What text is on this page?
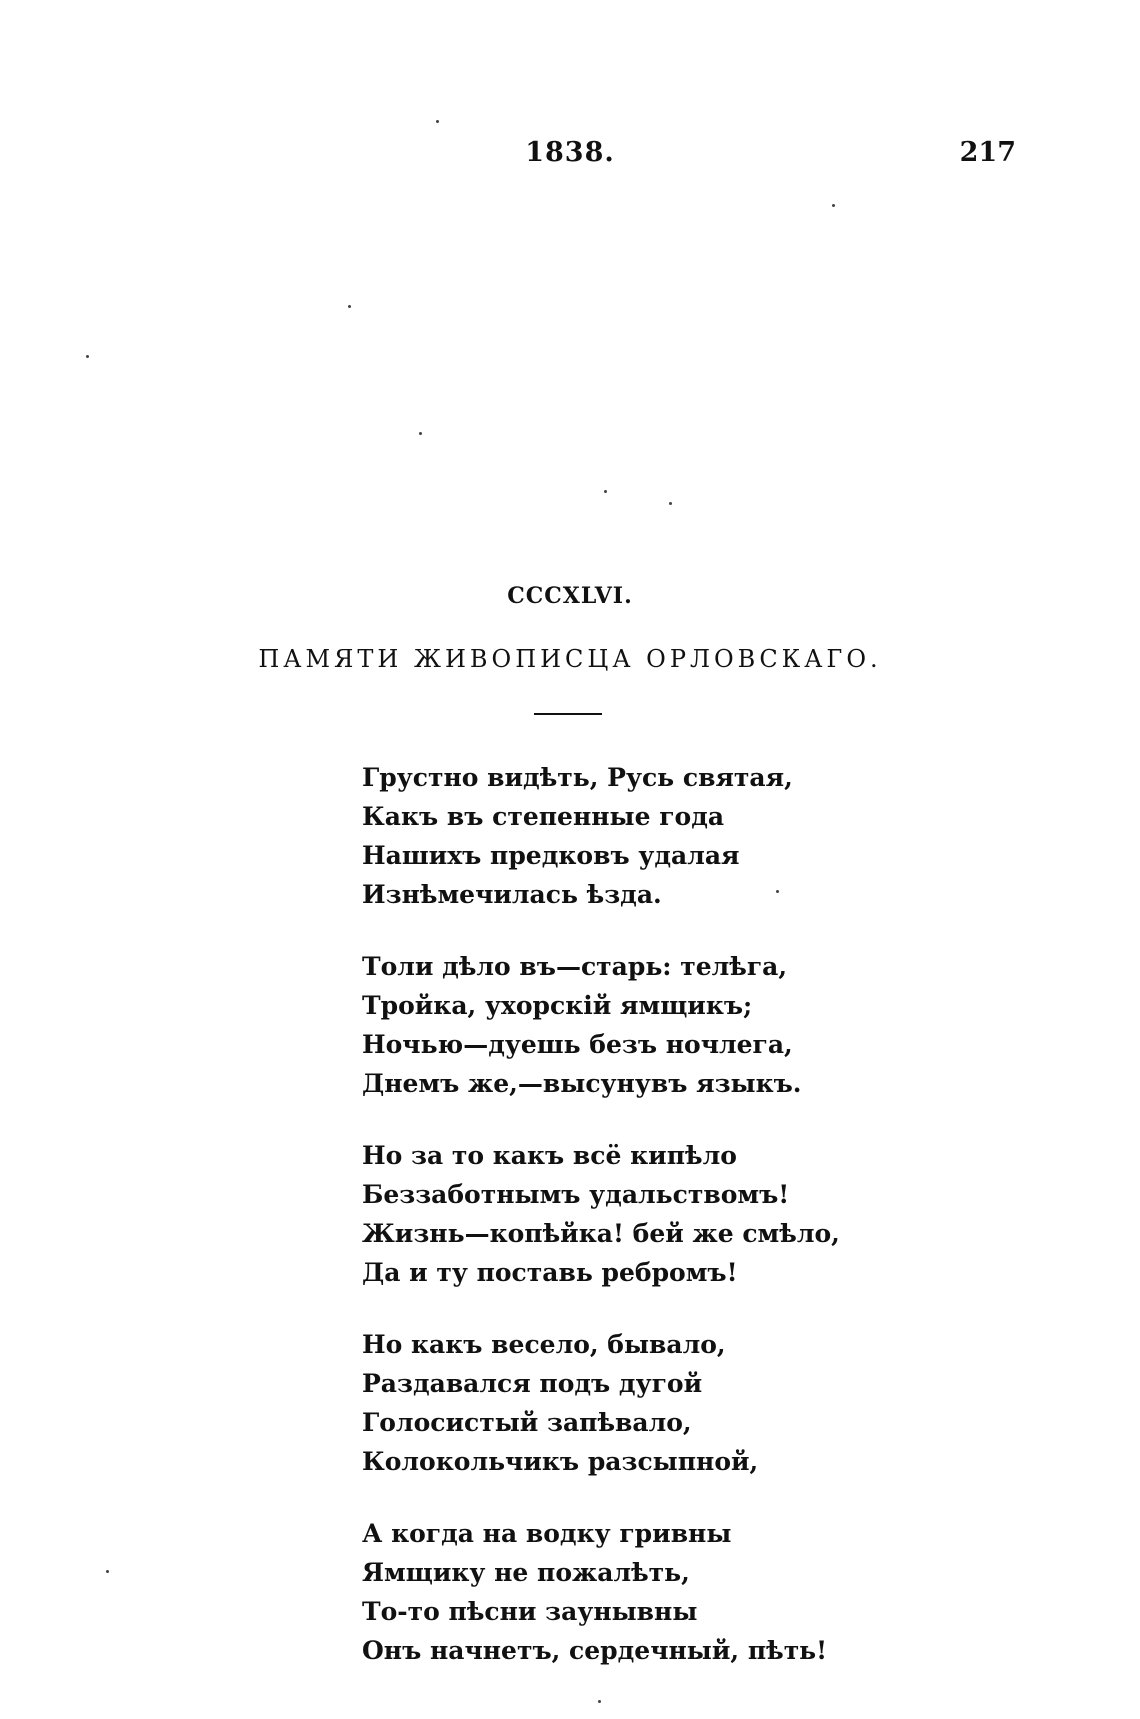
1838.	217
CCCXLVI.
ПАМЯТИ ЖИВОПИСЦА ОРЛОВСКАГО.
Грустно видѣть, Русь святая,
Какъ въ степенные года
Нашихъ предковъ удалая
Изнѣмечилась ѣзда.
Толи дѣло въ—старь: телѣга,
Тройка, ухорскій ямщикъ;
Ночью—дуешь безъ ночлега,
Днемъ же,—высунувъ языкъ.
Но за то какъ всё кипѣло
Беззаботнымъ удальствомъ!
Жизнь—копѣйка! бей же смѣло,
Да и ту поставь ребромъ!
Но какъ весело, бывало,
Раздавался подъ дугой
Голосистый запѣвало,
Колокольчикъ разсыпной,
А когда на водку гривны
Ямщику не пожалѣть,
То-то пѣсни заунывны
Онъ начнетъ, сердечный, пѣть!
